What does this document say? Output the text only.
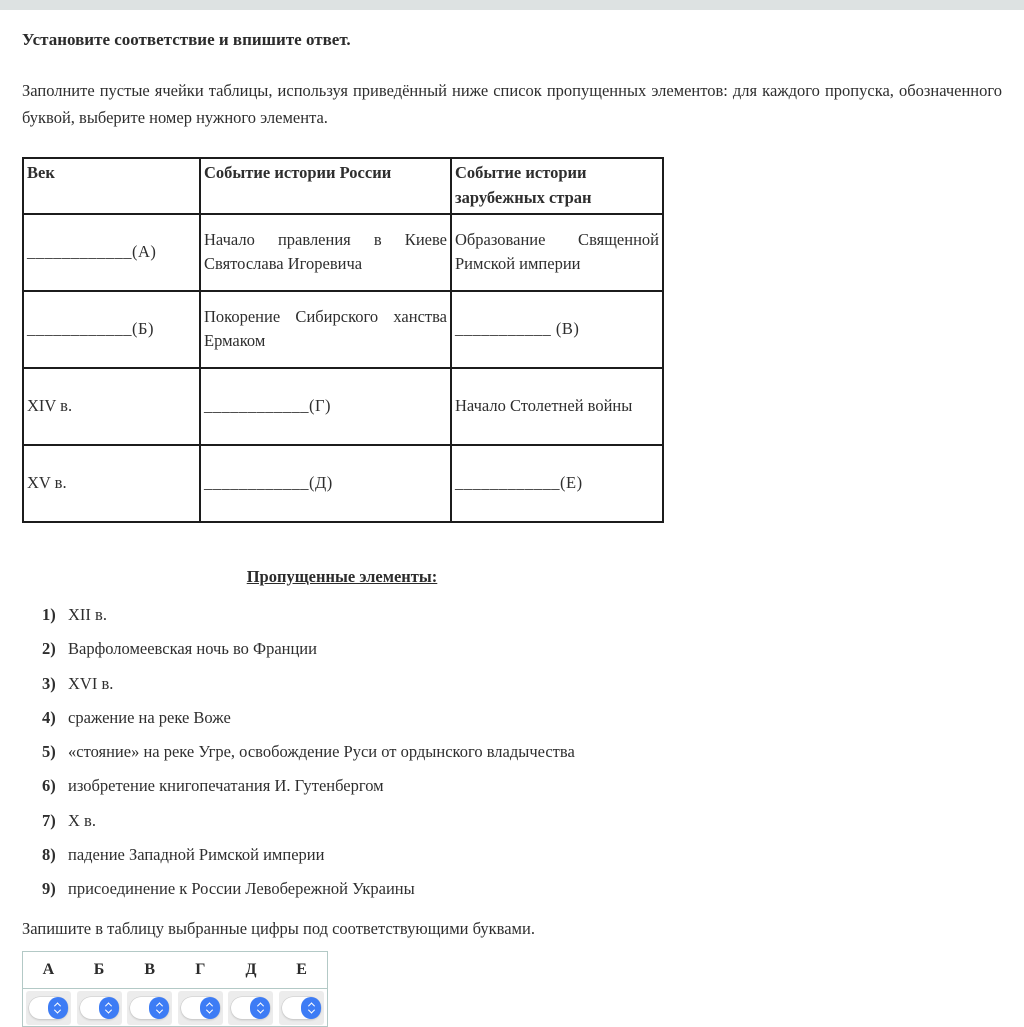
Установите соответствие и впишите ответ.

Заполните пустые ячейки таблицы, используя приведённый ниже список пропущенных элементов: для каждого пропуска, обозначенного буквой, выберите номер нужного элемента.

Век	Событие истории России	Событие истории зарубежных стран
____________(А)	Начало правления в Киеве Святослава Игоревича	Образование Священной Римской империи
____________(Б)	Покорение Сибирского ханства Ермаком	___________ (В)
XIV в.	____________(Г)	Начало Столетней войны
XV в.	____________(Д)	____________(Е)
Пропущенные элементы:
1) XII в.
2) Варфоломеевская ночь во Франции
3) XVI в.
4) сражение на реке Воже
5) «стояние» на реке Угре, освобождение Руси от ордынского владычества
6) изобретение книгопечатания И. Гутенбергом
7) X в.
8) падение Западной Римской империи
9) присоединение к России Левобережной Украины

Запишите в таблицу выбранные цифры под соответствующими буквами.

А	Б	В	Г	Д	Е
